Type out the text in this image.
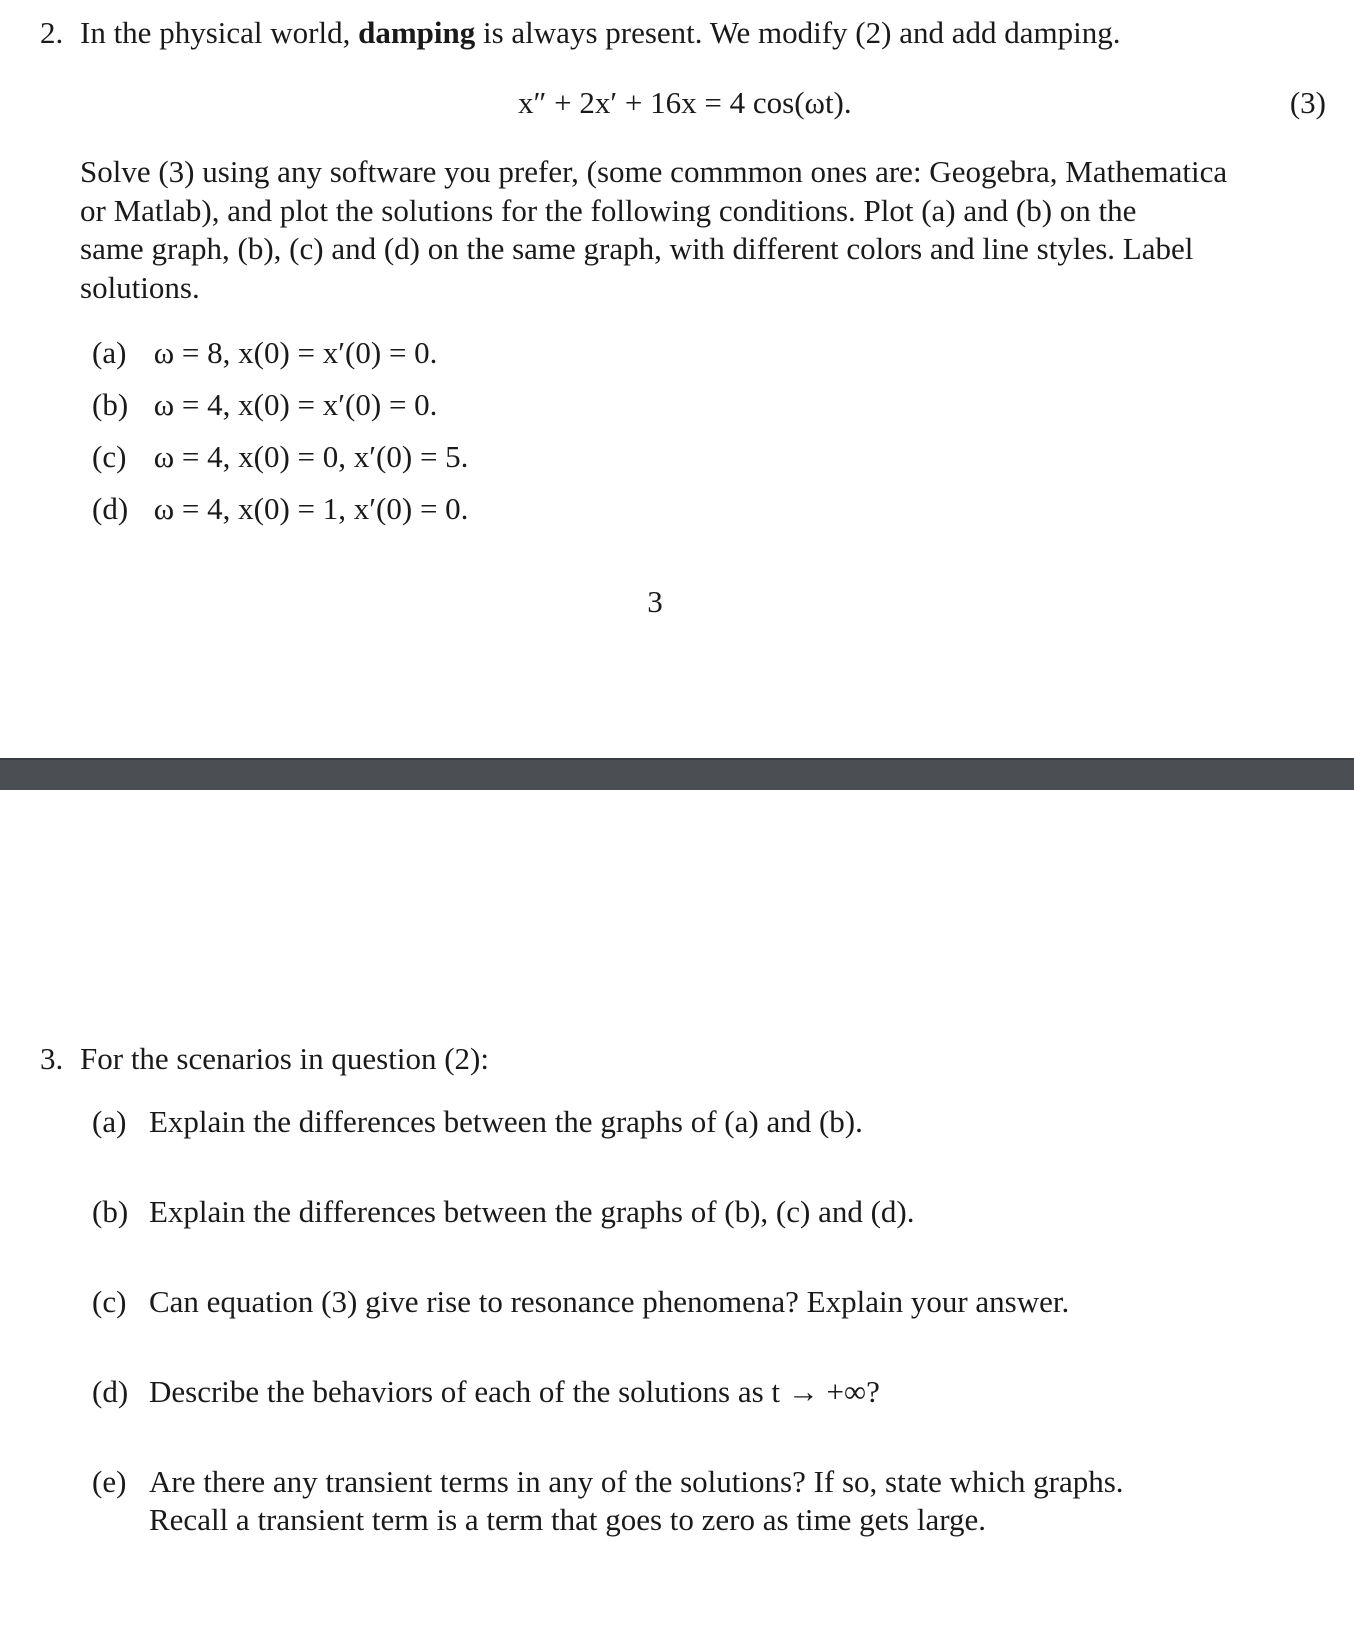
2. In the physical world, damping is always present. We modify (2) and add damping.
x″ + 2x′ + 16x = 4 cos(ωt).	(3)
Solve (3) using any software you prefer, (some commmon ones are: Geogebra, Mathematica
or Matlab), and plot the solutions for the following conditions. Plot (a) and (b) on the
same graph, (b), (c) and (d) on the same graph, with different colors and line styles. Label
solutions.
(a) ω = 8, x(0) = x′(0) = 0.
(b) ω = 4, x(0) = x′(0) = 0.
(c) ω = 4, x(0) = 0, x′(0) = 5.
(d) ω = 4, x(0) = 1, x′(0) = 0.
3
3. For the scenarios in question (2):
(a) Explain the differences between the graphs of (a) and (b).
(b) Explain the differences between the graphs of (b), (c) and (d).
(c) Can equation (3) give rise to resonance phenomena? Explain your answer.
(d) Describe the behaviors of each of the solutions as t → +∞?
(e) Are there any transient terms in any of the solutions? If so, state which graphs.
Recall a transient term is a term that goes to zero as time gets large.
